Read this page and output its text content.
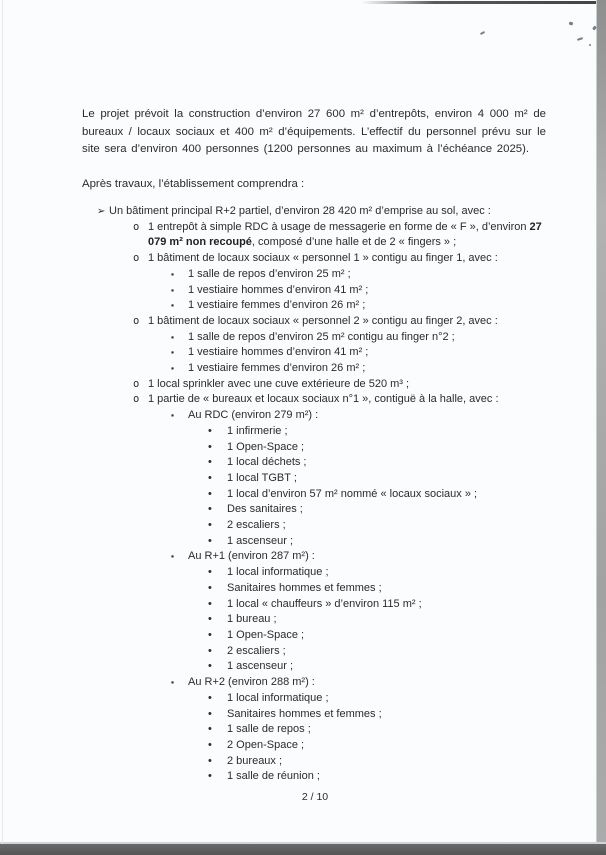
Le projet prévoit la construction d’environ 27 600 m² d’entrepôts, environ 4 000 m² de bureaux / locaux sociaux et 400 m² d’équipements. L’effectif du personnel prévu sur le site sera d’environ 400 personnes (1200 personnes au maximum à l’échéance 2025).

Après travaux, l’établissement comprendra :

➢ Un bâtiment principal R+2 partiel, d’environ 28 420 m² d’emprise au sol, avec :
o 1 entrepôt à simple RDC à usage de messagerie en forme de « F », d’environ 27 079 m² non recoupé, composé d’une halle et de 2 « fingers » ;
o 1 bâtiment de locaux sociaux « personnel 1 » contigu au finger 1, avec :
▪	1 salle de repos d’environ 25 m² ;
▪	1 vestiaire hommes d’environ 41 m² ;
▪	1 vestiaire femmes d’environ 26 m² ;
o 1 bâtiment de locaux sociaux « personnel 2 » contigu au finger 2, avec :
▪	1 salle de repos d’environ 25 m² contigu au finger n°2 ;
▪	1 vestiaire hommes d’environ 41 m² ;
▪	1 vestiaire femmes d’environ 26 m² ;
o 1 local sprinkler avec une cuve extérieure de 520 m³ ;
o 1 partie de « bureaux et locaux sociaux n°1 », contiguë à la halle, avec :
▪	Au RDC (environ 279 m²) :
•	1 infirmerie ;
•	1 Open-Space ;
•	1 local déchets ;
•	1 local TGBT ;
•	1 local d’environ 57 m² nommé « locaux sociaux » ;
•	Des sanitaires ;
•	2 escaliers ;
•	1 ascenseur ;
▪	Au R+1 (environ 287 m²) :
•	1 local informatique ;
•	Sanitaires hommes et femmes ;
•	1 local « chauffeurs » d’environ 115 m² ;
•	1 bureau ;
•	1 Open-Space ;
•	2 escaliers ;
•	1 ascenseur ;
▪	Au R+2 (environ 288 m²) :
•	1 local informatique ;
•	Sanitaires hommes et femmes ;
•	1 salle de repos ;
•	2 Open-Space ;
•	2 bureaux ;
•	1 salle de réunion ;
2 / 10
